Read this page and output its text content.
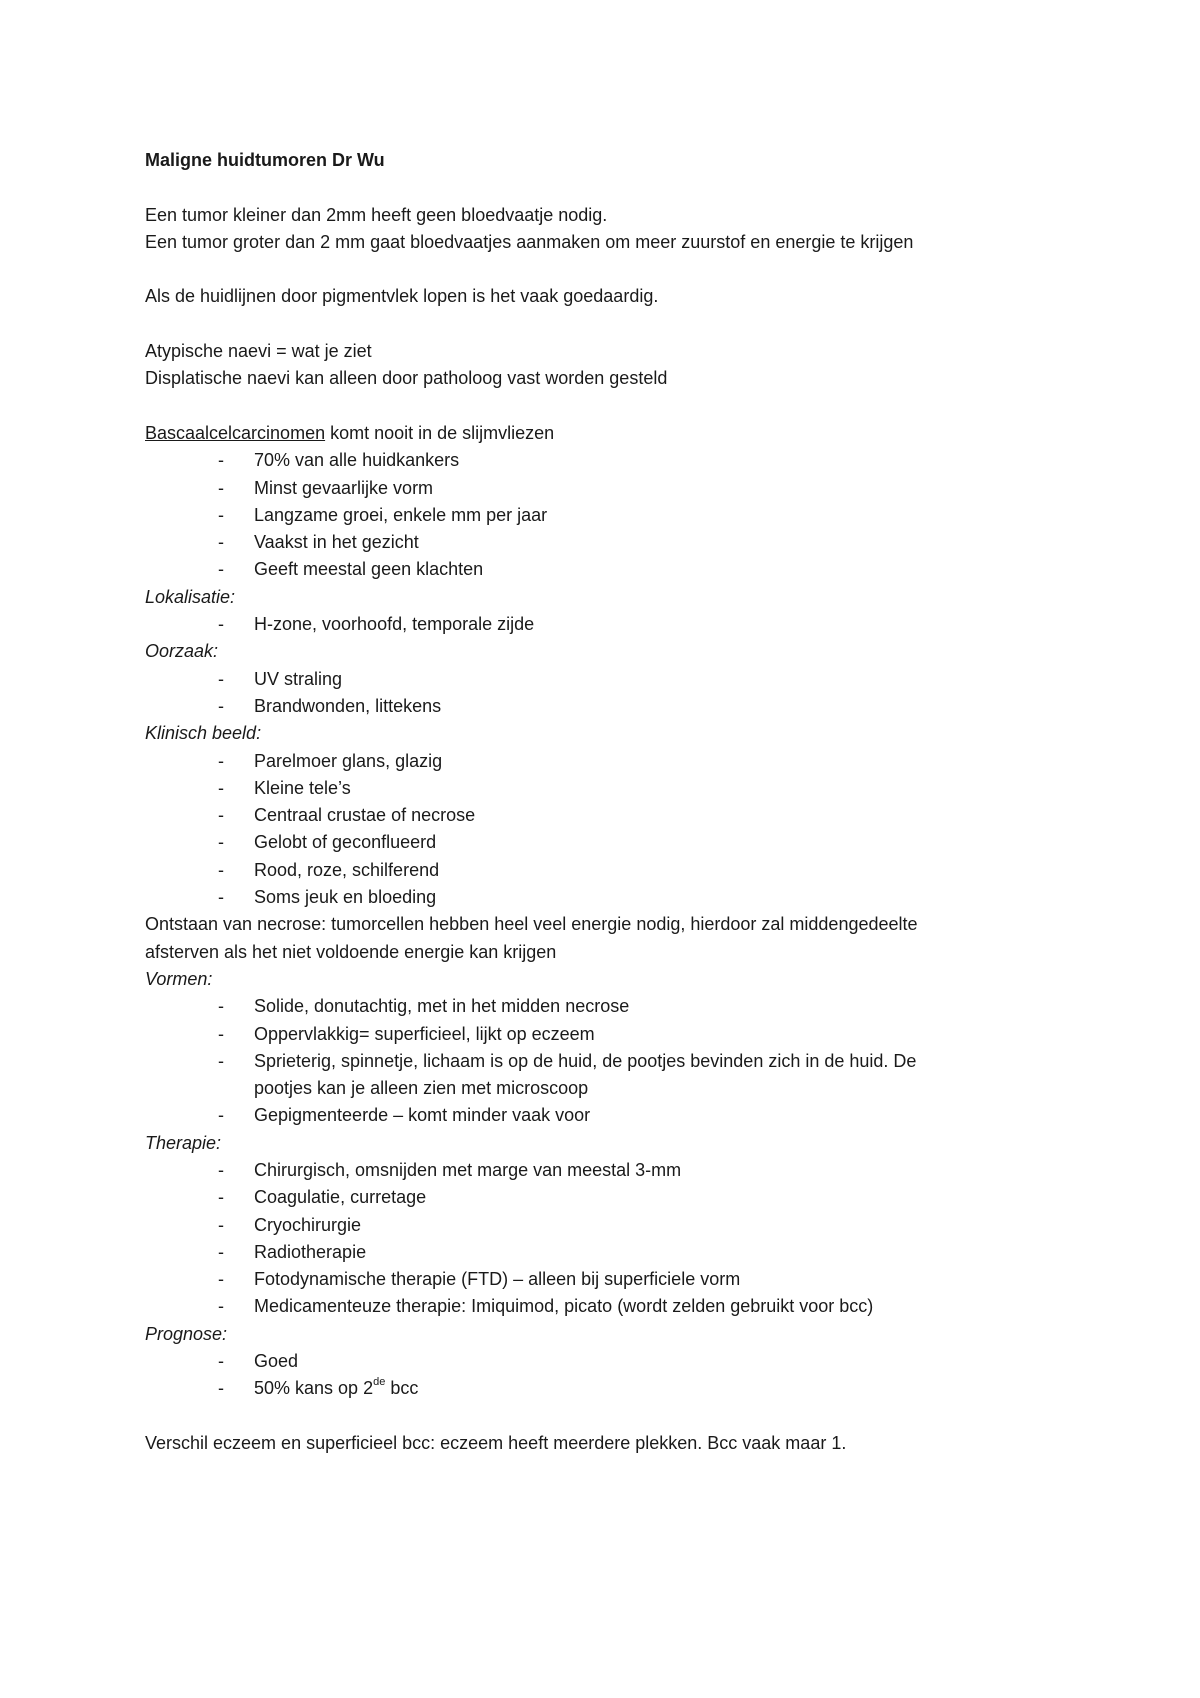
Maligne huidtumoren Dr Wu

Een tumor kleiner dan 2mm heeft geen bloedvaatje nodig.

Een tumor groter dan 2 mm gaat bloedvaatjes aanmaken om meer zuurstof en energie te krijgen

Als de huidlijnen door pigmentvlek lopen is het vaak goedaardig.

Atypische naevi = wat je ziet

Displatische naevi kan alleen door patholoog vast worden gesteld

Bascaalcelcarcinomen komt nooit in de slijmvliezen

- 70% van alle huidkankers
- Minst gevaarlijke vorm
- Langzame groei, enkele mm per jaar
- Vaakst in het gezicht
- Geeft meestal geen klachten

Lokalisatie:

- H-zone, voorhoofd, temporale zijde

Oorzaak:

- UV straling
- Brandwonden, littekens

Klinisch beeld:

- Parelmoer glans, glazig
- Kleine tele’s
- Centraal crustae of necrose
- Gelobt of geconflueerd
- Rood, roze, schilferend
- Soms jeuk en bloeding

Ontstaan van necrose: tumorcellen hebben heel veel energie nodig, hierdoor zal middengedeelte

afsterven als het niet voldoende energie kan krijgen

Vormen:

- Solide, donutachtig, met in het midden necrose
- Oppervlakkig= superficieel, lijkt op eczeem
- Sprieterig, spinnetje, lichaam is op de huid, de pootjes bevinden zich in de huid. De
pootjes kan je alleen zien met microscoop
- Gepigmenteerde – komt minder vaak voor

Therapie:

- Chirurgisch, omsnijden met marge van meestal 3-mm
- Coagulatie, curretage
- Cryochirurgie
- Radiotherapie
- Fotodynamische therapie (FTD) – alleen bij superficiele vorm
- Medicamenteuze therapie: Imiquimod, picato (wordt zelden gebruikt voor bcc)

Prognose:

- Goed
- 50% kans op 2de bcc

Verschil eczeem en superficieel bcc: eczeem heeft meerdere plekken. Bcc vaak maar 1.
